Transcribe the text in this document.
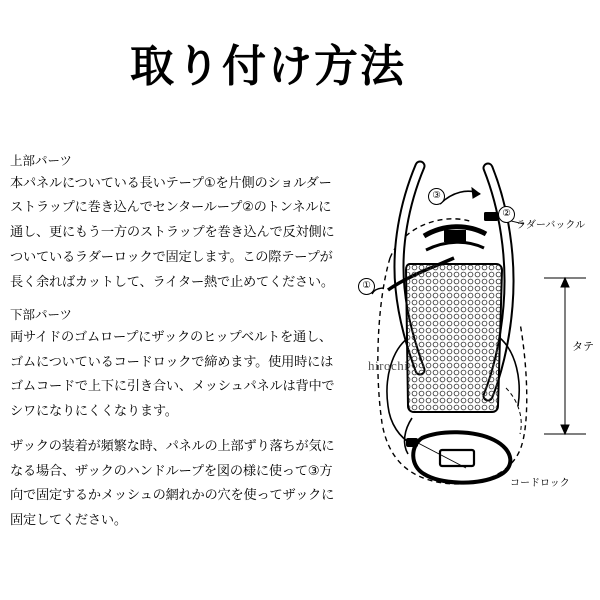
取り付け方法

上部パーツ

本パネルについている長いテープ①を片側のショルダー

ストラップに巻き込んでセンターループ②のトンネルに

通し、更にもう一方のストラップを巻き込んで反対側に

ついているラダーロックで固定します。この際テープが

長く余ればカットして、ライター熱で止めてください。

下部パーツ

両サイドのゴムロープにザックのヒップベルトを通し、

ゴムについているコードロックで締めます。使用時には

ゴムコードで上下に引き合い、メッシュパネルは背中で

シワになりにくくなります。

ザックの装着が頻繁な時、パネルの上部ずり落ちが気に

なる場合、ザックのハンドループを図の様に使って③方

向で固定するかメッシュの網れかの穴を使ってザックに

固定してください。

①
②
③
ラダーバックル
コードロック
タテ
hirochi
